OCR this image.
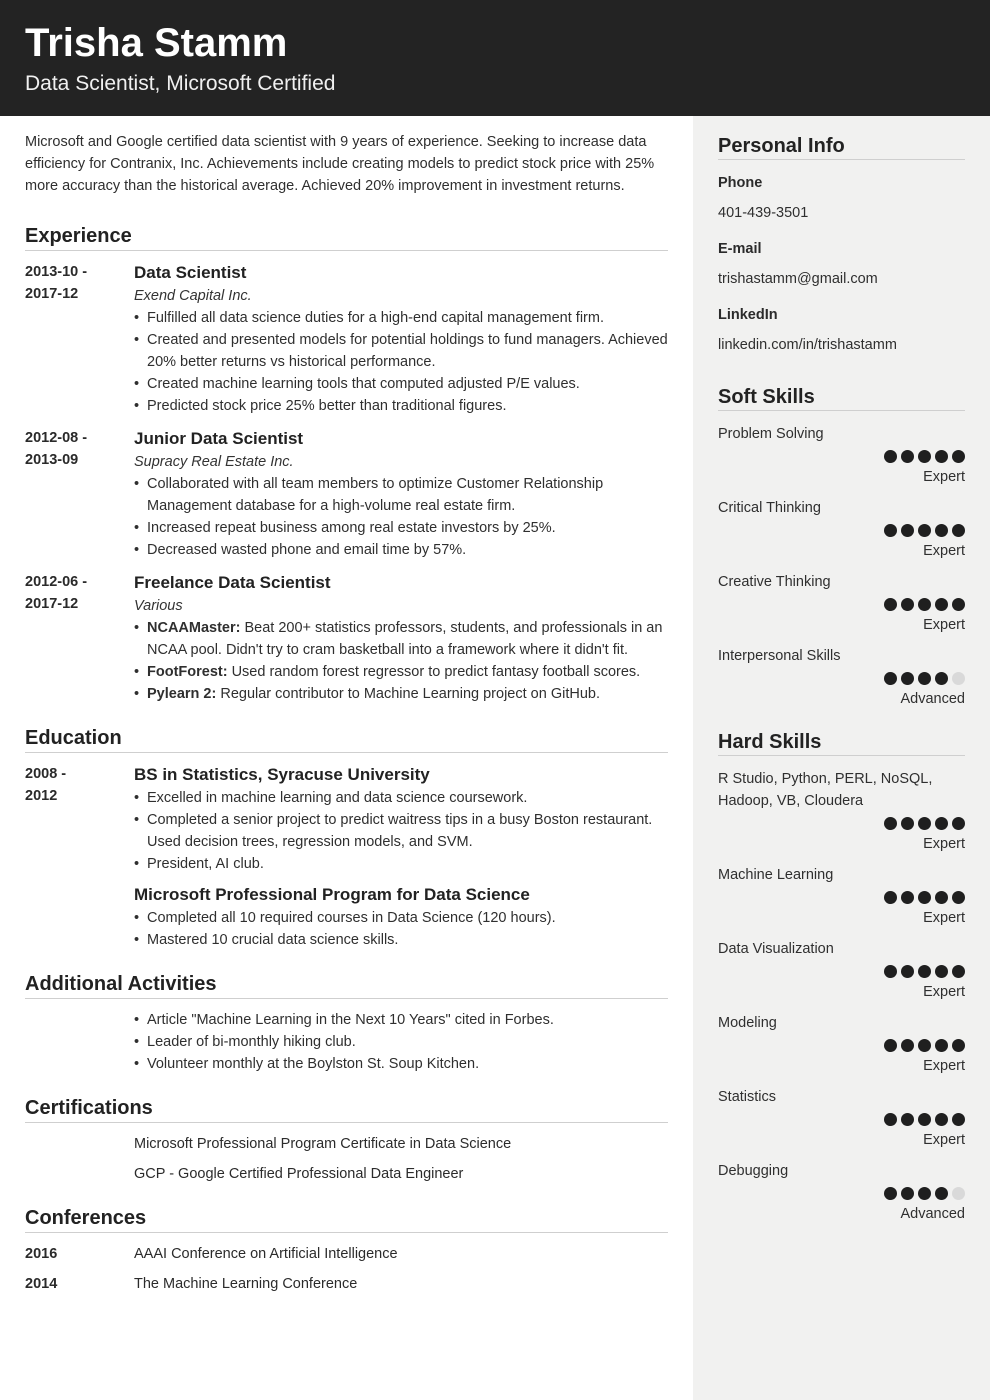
Trisha Stamm
Data Scientist, Microsoft Certified

Microsoft and Google certified data scientist with 9 years of experience. Seeking to increase data efficiency for Contranix, Inc. Achievements include creating models to predict stock price with 25% more accuracy than the historical average. Achieved 20% improvement in investment returns.

Experience
2013-10 -
2017-12
Data Scientist
Exend Capital Inc.
• Fulfilled all data science duties for a high-end capital management firm.
• Created and presented models for potential holdings to fund managers. Achieved 20% better returns vs historical performance.
• Created machine learning tools that computed adjusted P/E values.
• Predicted stock price 25% better than traditional figures.
2012-08 -
2013-09
Junior Data Scientist
Supracy Real Estate Inc.
• Collaborated with all team members to optimize Customer Relationship Management database for a high-volume real estate firm.
• Increased repeat business among real estate investors by 25%.
• Decreased wasted phone and email time by 57%.
2012-06 -
2017-12
Freelance Data Scientist
Various
• NCAAMaster: Beat 200+ statistics professors, students, and professionals in an NCAA pool. Didn't try to cram basketball into a framework where it didn't fit.
• FootForest: Used random forest regressor to predict fantasy football scores.
• Pylearn 2: Regular contributor to Machine Learning project on GitHub.
Education
2008 -
2012
BS in Statistics, Syracuse University
• Excelled in machine learning and data science coursework.
• Completed a senior project to predict waitress tips in a busy Boston restaurant. Used decision trees, regression models, and SVM.
• President, AI club.
Microsoft Professional Program for Data Science
• Completed all 10 required courses in Data Science (120 hours).
• Mastered 10 crucial data science skills.
Additional Activities
• Article "Machine Learning in the Next 10 Years" cited in Forbes.
• Leader of bi-monthly hiking club.
• Volunteer monthly at the Boylston St. Soup Kitchen.
Certifications
Microsoft Professional Program Certificate in Data Science
GCP - Google Certified Professional Data Engineer
Conferences
2016	AAAI Conference on Artificial Intelligence
2014	The Machine Learning Conference
Personal Info
Phone
401-439-3501
E-mail
trishastamm@gmail.com
LinkedIn
linkedin.com/in/trishastamm
Soft Skills
Problem Solving
Expert
Critical Thinking
Expert
Creative Thinking
Expert
Interpersonal Skills
Advanced
Hard Skills
R Studio, Python, PERL, NoSQL, Hadoop, VB, Cloudera
Expert
Machine Learning
Expert
Data Visualization
Expert
Modeling
Expert
Statistics
Expert
Debugging
Advanced
